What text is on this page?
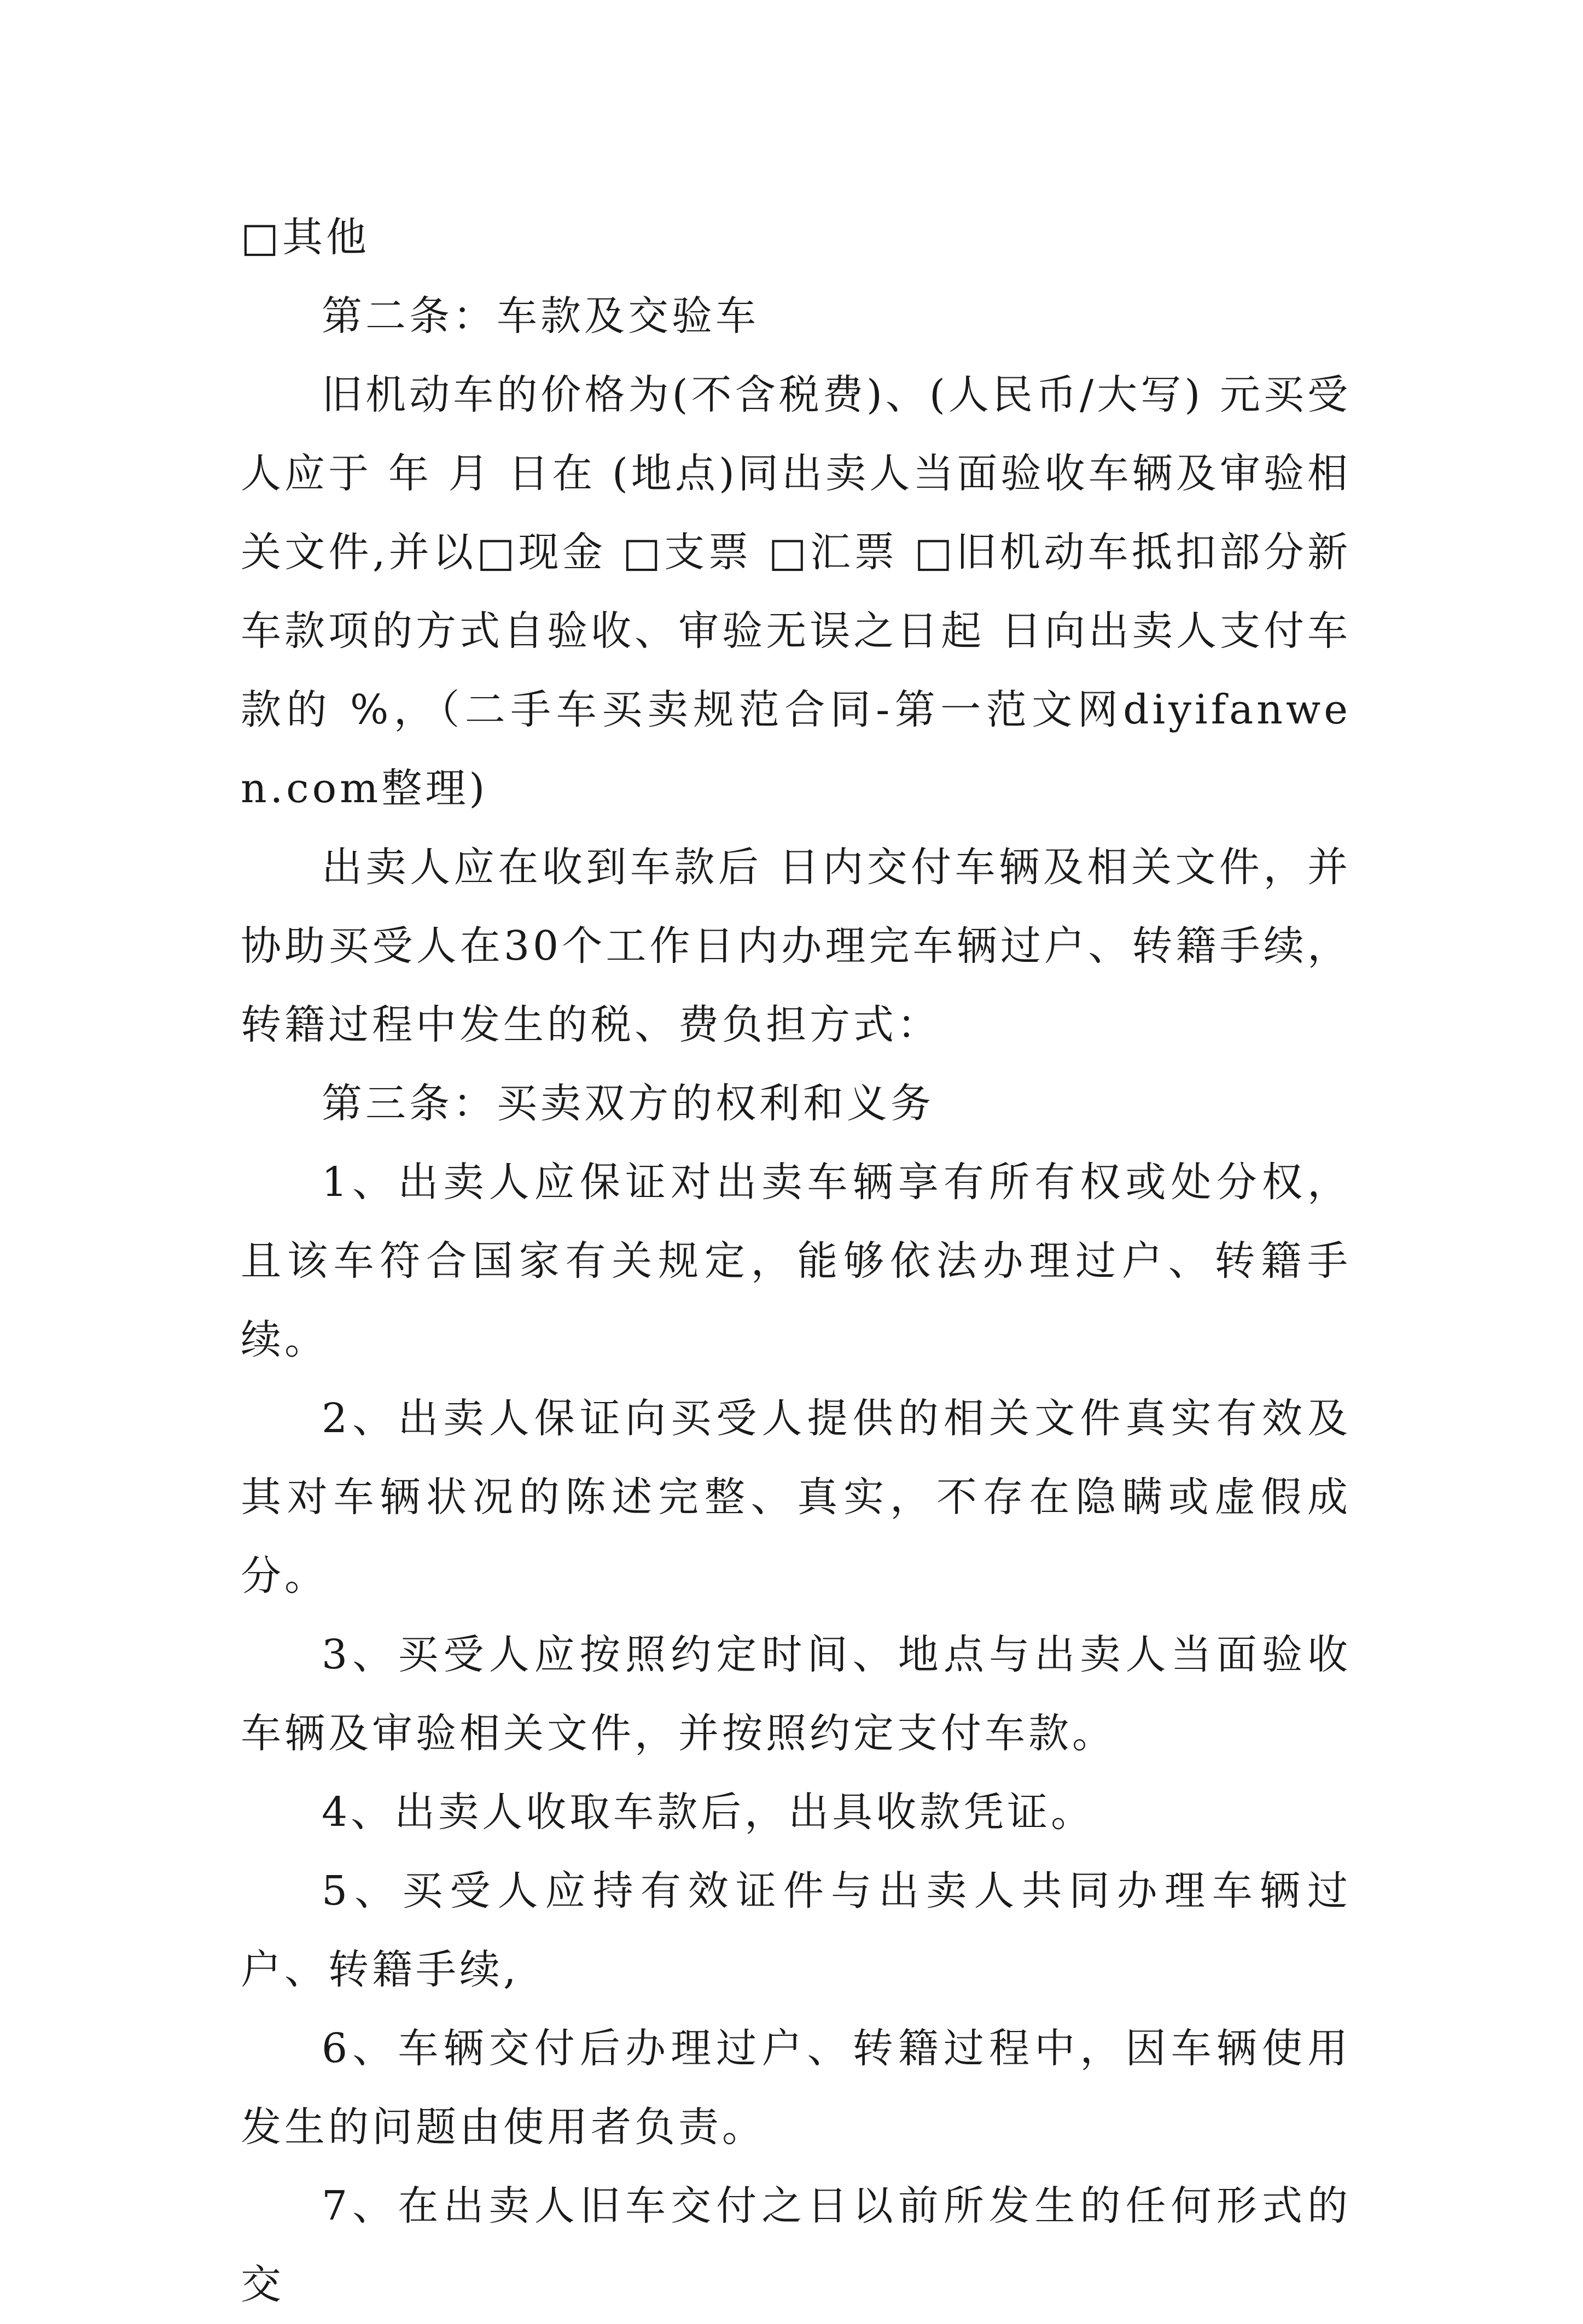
□其他

第二条：车款及交验车

旧机动车的价格为(不含税费)、(人民币/大写) 元买受人应于 年 月 日在 (地点)同出卖人当面验收车辆及审验相关文件,并以□现金 □支票 □汇票 □旧机动车抵扣部分新车款项的方式自验收、审验无误之日起 日向出卖人支付车款的 %，（二手车买卖规范合同-第一范文网diyifanwen.com整理)

出卖人应在收到车款后 日内交付车辆及相关文件，并协助买受人在30个工作日内办理完车辆过户、转籍手续，转籍过程中发生的税、费负担方式：

第三条：买卖双方的权利和义务

1、出卖人应保证对出卖车辆享有所有权或处分权，且该车符合国家有关规定，能够依法办理过户、转籍手续。

2、出卖人保证向买受人提供的相关文件真实有效及其对车辆状况的陈述完整、真实，不存在隐瞒或虚假成分。

3、买受人应按照约定时间、地点与出卖人当面验收车辆及审验相关文件，并按照约定支付车款。

4、出卖人收取车款后，出具收款凭证。

5、买受人应持有效证件与出卖人共同办理车辆过户、转籍手续,

6、车辆交付后办理过户、转籍过程中，因车辆使用发生的问题由使用者负责。

7、在出卖人旧车交付之日以前所发生的任何形式的交
